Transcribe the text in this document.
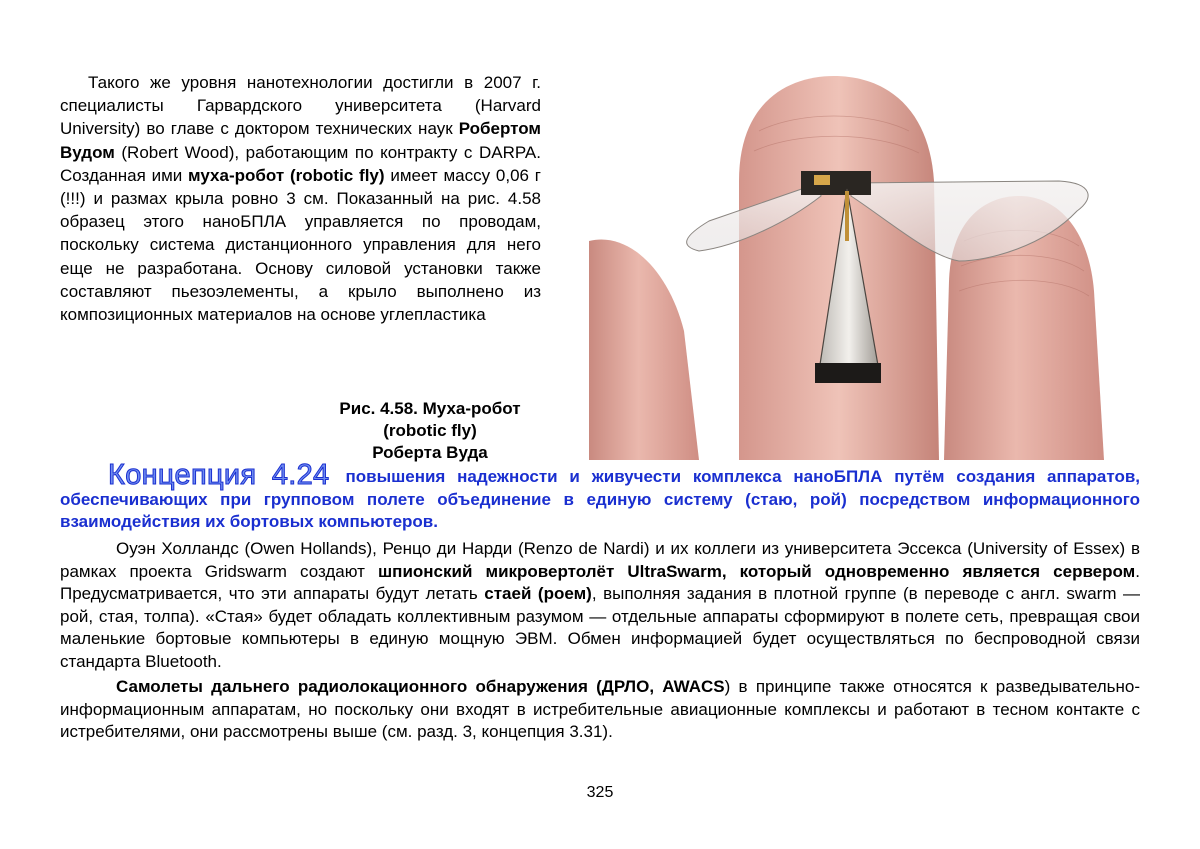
Такого же уровня нанотехнологии достигли в 2007 г. специалисты Гарвардского университета (Harvard University) во главе с доктором технических наук Робертом Вудом (Robert Wood), работающим по контракту с DARPA. Созданная ими муха-робот (robotic fly) имеет массу 0,06 г (!!!) и размах крыла ровно 3 см. Показанный на рис. 4.58 образец этого наноБПЛА управляется по проводам, поскольку система дистанционного управления для него еще не разработана. Основу силовой установки также составляют пьезоэлементы, а крыло выполнено из композиционных материалов на основе углепластика

Рис. 4.58. Муха-робот
(robotic fly)
Роберта Вуда

Концепция 4.24 повышения надежности и живучести комплекса наноБПЛА путём создания аппаратов, обеспечивающих при групповом полете объединение в единую систему (стаю, рой) посредством информационного взаимодействия их бортовых компьютеров.

Оуэн Холландс (Owen Hollands), Ренцо ди Нарди (Renzo de Nardi) и их коллеги из университета Эссекса (University of Essex) в рамках проекта Gridswarm создают шпионский микровертолёт UltraSwarm, который одновременно является сервером. Предусматривается, что эти аппараты будут летать стаей (роем), выполняя задания в плотной группе (в переводе с англ. swarm — рой, стая, толпа). «Стая» будет обладать коллективным разумом — отдельные аппараты сформируют в полете сеть, превращая свои маленькие бортовые компьютеры в единую мощную ЭВМ. Обмен информацией будет осуществляться по беспроводной связи стандарта Bluetooth.

Самолеты дальнего радиолокационного обнаружения (ДРЛО, AWACS) в принципе также относятся к разведывательно-информационным аппаратам, но поскольку они входят в истребительные авиационные комплексы и работают в тесном контакте с истребителями, они рассмотрены выше (см. разд. 3, концепция 3.31).

325
